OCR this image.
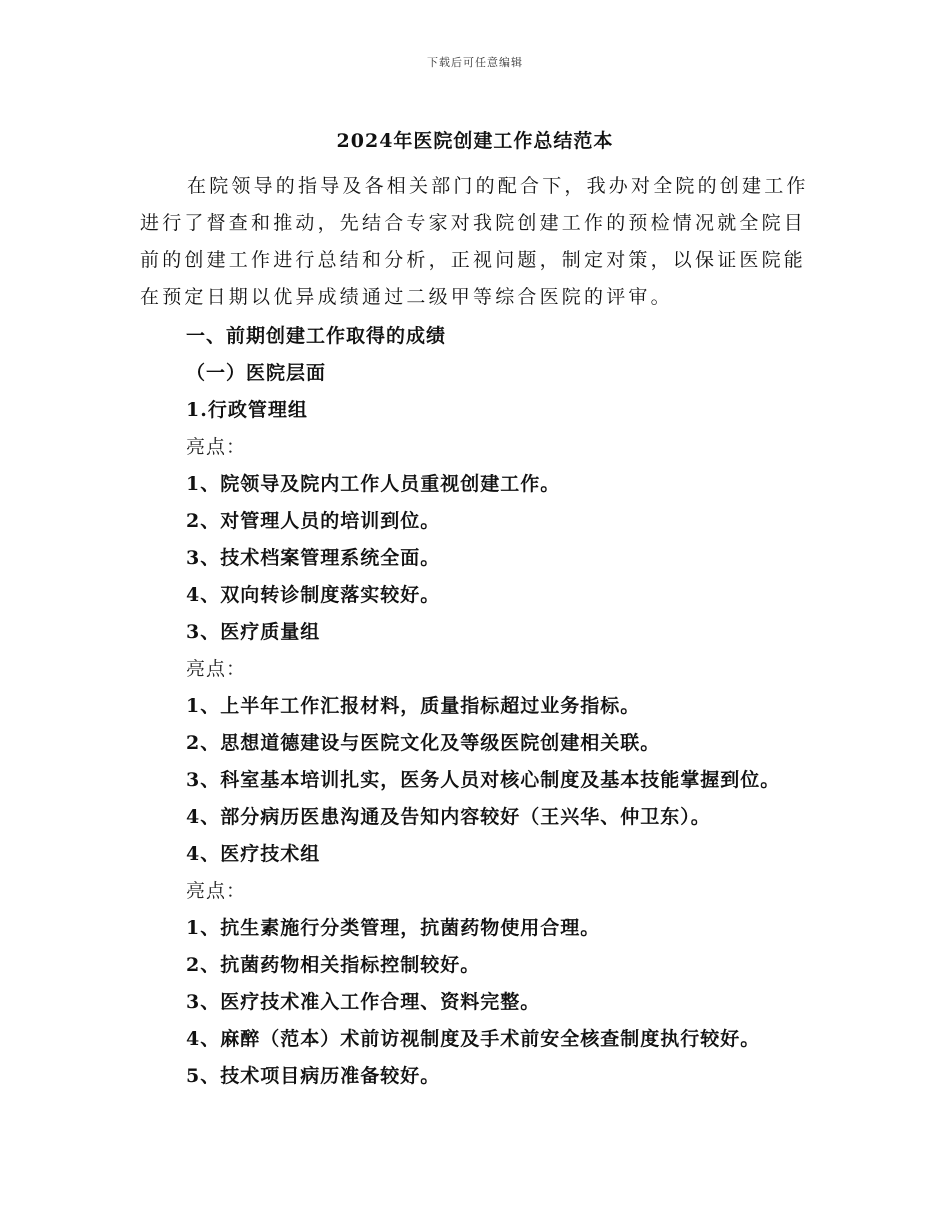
下载后可任意编辑
2024年医院创建工作总结范本

在院领导的指导及各相关部门的配合下，我办对全院的创建工作进行了督查和推动，先结合专家对我院创建工作的预检情况就全院目前的创建工作进行总结和分析，正视问题，制定对策，以保证医院能在预定日期以优异成绩通过二级甲等综合医院的评审。

一、前期创建工作取得的成绩
（一）医院层面
1.行政管理组
亮点：
1、院领导及院内工作人员重视创建工作。
2、对管理人员的培训到位。
3、技术档案管理系统全面。
4、双向转诊制度落实较好。
3、医疗质量组
亮点：
1、上半年工作汇报材料，质量指标超过业务指标。
2、思想道德建设与医院文化及等级医院创建相关联。
3、科室基本培训扎实，医务人员对核心制度及基本技能掌握到位。
4、部分病历医患沟通及告知内容较好（王兴华、仲卫东）。
4、医疗技术组
亮点：
1、抗生素施行分类管理，抗菌药物使用合理。
2、抗菌药物相关指标控制较好。
3、医疗技术准入工作合理、资料完整。
4、麻醉（范本）术前访视制度及手术前安全核查制度执行较好。
5、技术项目病历准备较好。
